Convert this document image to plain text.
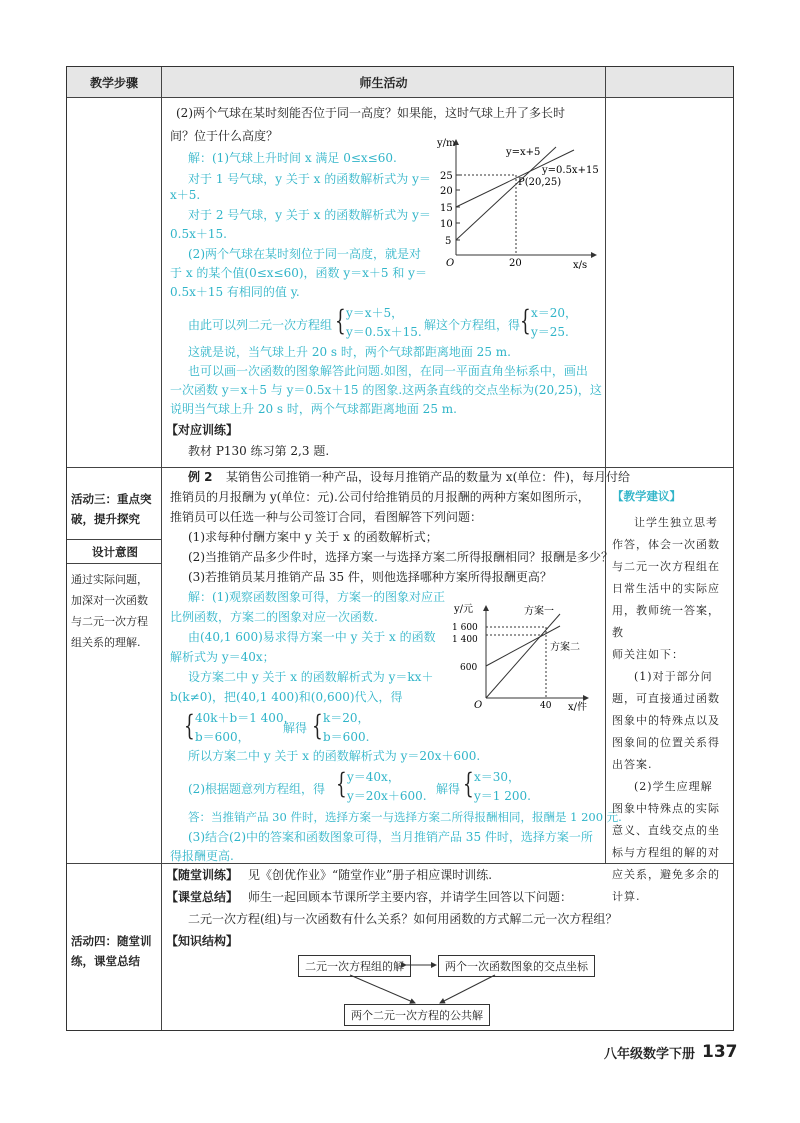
教学步骤	师生活动
(2)两个气球在某时刻能否位于同一高度？如果能，这时气球上升了多长时
间？位于什么高度？
解：(1)气球上升时间 x 满足 0≤x≤60.
对于 1 号气球，y 关于 x 的函数解析式为 y＝
x＋5.
对于 2 号气球，y 关于 x 的函数解析式为 y＝
0.5x＋15.
(2)两个气球在某时刻位于同一高度，就是对
于 x 的某个值(0≤x≤60)，函数 y＝x＋5 和 y＝
0.5x＋15 有相同的值 y.
由此可以列二元一次方程组 { y＝x＋5，
y＝0.5x＋15. 解这个方程组，得 { x＝20，
y＝25.
这就是说，当气球上升 20 s 时，两个气球都距离地面 25 m.
也可以画一次函数的图象解答此问题.如图，在同一平面直角坐标系中，画出
一次函数 y＝x＋5 与 y＝0.5x＋15 的图象.这两条直线的交点坐标为(20,25)，这
说明当气球上升 20 s 时，两个气球都距离地面 25 m.
【对应训练】
教材 P130 练习第 2,3 题.
y/m
x/s
y=x+5
y=0.5x+15
P(20,25)
25
20
15
10
5
20
O
活动三：重点突
破，提升探究
设计意图
通过实际问题，
加深对一次函数
与二元一次方程
组关系的理解.
例 2 某销售公司推销一种产品，设每月推销产品的数量为 x(单位：件)，每月付给
推销员的月报酬为 y(单位：元).公司付给推销员的月报酬的两种方案如图所示，
推销员可以任选一种与公司签订合同，看图解答下列问题：
(1)求每种付酬方案中 y 关于 x 的函数解析式；
(2)当推销产品多少件时，选择方案一与选择方案二所得报酬相同？报酬是多少？
(3)若推销员某月推销产品 35 件，则他选择哪种方案所得报酬更高？
解：(1)观察函数图象可得，方案一的图象对应正
比例函数，方案二的图象对应一次函数.
由(40,1 600)易求得方案一中 y 关于 x 的函数
解析式为 y＝40x；
设方案二中 y 关于 x 的函数解析式为 y＝kx＋
b(k≠0)，把(40,1 400)和(0,600)代入，得
{ 40k＋b＝1 400，
b＝600，
解得 { k＝20，
b＝600.
所以方案二中 y 关于 x 的函数解析式为 y＝20x＋600.
(2)根据题意列方程组，得 { y＝40x，
y＝20x＋600. 解得 { x＝30，
y＝1 200.
答：当推销产品 30 件时，选择方案一与选择方案二所得报酬相同，报酬是 1 200 元.
(3)结合(2)中的答案和函数图象可得，当月推销产品 35 件时，选择方案一所
得报酬更高.
y/元
x/件
方案一
方案二
1 600
1 400
600
40
O
【教学建议】
让学生独立思考
作答，体会一次函数
与二元一次方程组在
日常生活中的实际应
用，教师统一答案，教
师关注如下：
(1)对于部分问
题，可直接通过函数
图象中的特殊点以及
图象间的位置关系得
出答案.
(2)学生应理解
图象中特殊点的实际
意义、直线交点的坐
标与方程组的解的对
应关系，避免多余的
计算.
活动四：随堂训
练，课堂总结
【随堂训练】 见《创优作业》“随堂作业”册子相应课时训练.
【课堂总结】 师生一起回顾本节课所学主要内容，并请学生回答以下问题：
二元一次方程(组)与一次函数有什么关系？如何用函数的方式解二元一次方程组？
【知识结构】
二元一次方程组的解	两个一次函数图象的交点坐标
两个二元一次方程的公共解
八年级数学下册 137
